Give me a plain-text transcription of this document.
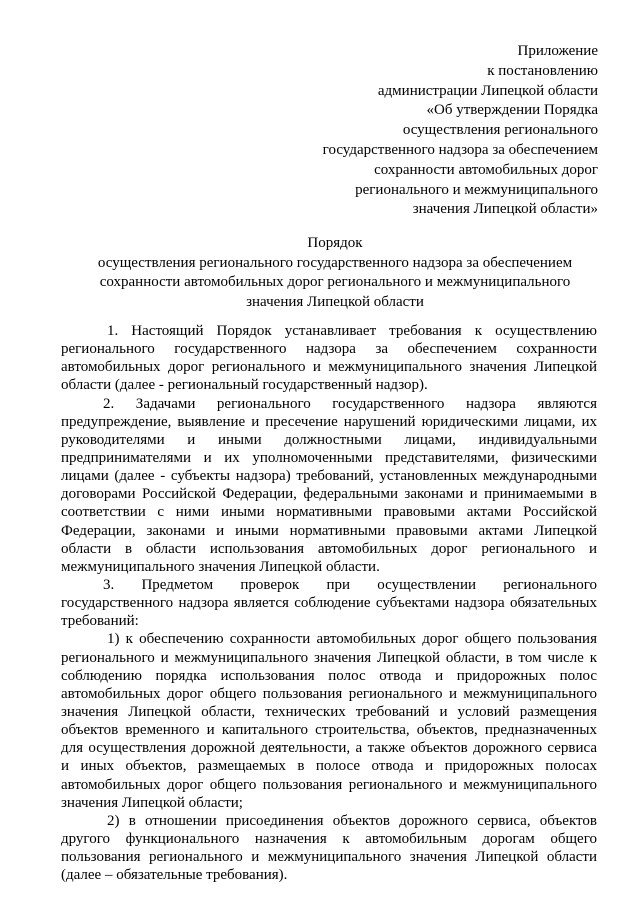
Приложение
к постановлению
администрации Липецкой области
«Об утверждении Порядка
осуществления регионального
государственного надзора за обеспечением
сохранности автомобильных дорог
регионального и межмуниципального
значения Липецкой области»
Порядок
осуществления регионального государственного надзора за обеспечением
сохранности автомобильных дорог регионального и межмуниципального
значения Липецкой области
1. Настоящий Порядок устанавливает требования к осуществлению
регионального государственного надзора за обеспечением сохранности
автомобильных дорог регионального и межмуниципального значения Липецкой
области (далее - региональный государственный надзор).
2. Задачами регионального государственного надзора являются
предупреждение, выявление и пресечение нарушений юридическими лицами, их
руководителями и иными должностными лицами, индивидуальными
предпринимателями и их уполномоченными представителями, физическими
лицами (далее - субъекты надзора) требований, установленных международными
договорами Российской Федерации, федеральными законами и принимаемыми в
соответствии с ними иными нормативными правовыми актами Российской
Федерации, законами и иными нормативными правовыми актами Липецкой
области в области использования автомобильных дорог регионального и
межмуниципального значения Липецкой области.
3. Предметом проверок при осуществлении регионального
государственного надзора является соблюдение субъектами надзора обязательных
требований:
1) к обеспечению сохранности автомобильных дорог общего пользования
регионального и межмуниципального значения Липецкой области, в том числе к
соблюдению порядка использования полос отвода и придорожных полос
автомобильных дорог общего пользования регионального и межмуниципального
значения Липецкой области, технических требований и условий размещения
объектов временного и капитального строительства, объектов, предназначенных
для осуществления дорожной деятельности, а также объектов дорожного сервиса
и иных объектов, размещаемых в полосе отвода и придорожных полосах
автомобильных дорог общего пользования регионального и межмуниципального
значения Липецкой области;
2) в отношении присоединения объектов дорожного сервиса, объектов
другого функционального назначения к автомобильным дорогам общего
пользования регионального и межмуниципального значения Липецкой области
(далее – обязательные требования).
